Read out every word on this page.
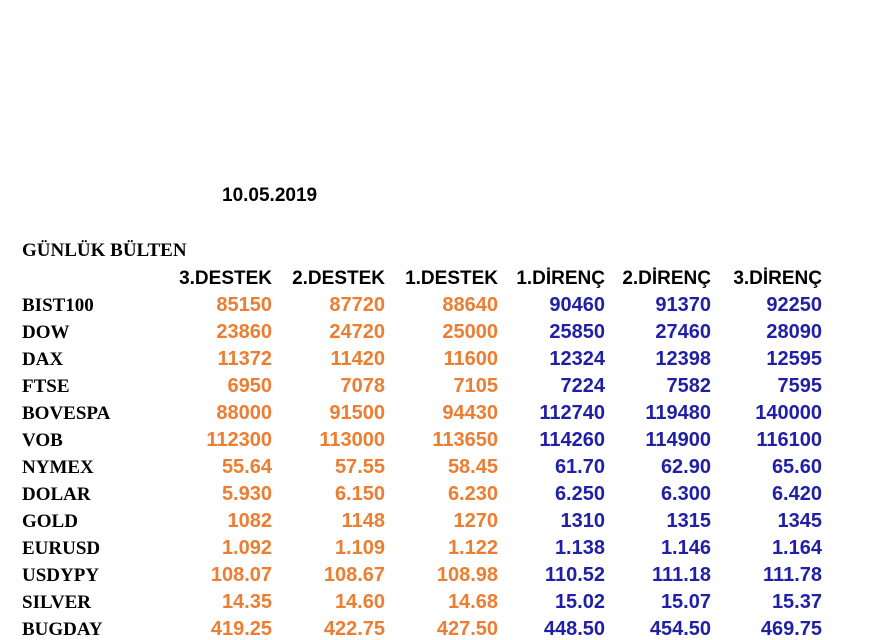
10.05.2019
GÜNLÜK BÜLTEN
3.DESTEK	2.DESTEK	1.DESTEK 1.DİRENÇ 2.DİRENÇ	3.DİRENÇ
BIST100	85150	87720	88640	90460	91370	92250
DOW	23860	24720	25000	25850	27460	28090
DAX	11372	11420	11600	12324	12398	12595
FTSE	6950	7078	7105	7224	7582	7595
BOVESPA	88000	91500	94430	112740	119480	140000
VOB	112300	113000	113650	114260	114900	116100
NYMEX	55.64	57.55	58.45	61.70	62.90	65.60
DOLAR	5.930	6.150	6.230	6.250	6.300	6.420
GOLD	1082	1148	1270	1310	1315	1345
EURUSD	1.092	1.109	1.122	1.138	1.146	1.164
USDYPY	108.07	108.67	108.98	110.52	111.18	111.78
SILVER	14.35	14.60	14.68	15.02	15.07	15.37
BUGDAY	419.25	422.75	427.50	448.50	454.50	469.75
